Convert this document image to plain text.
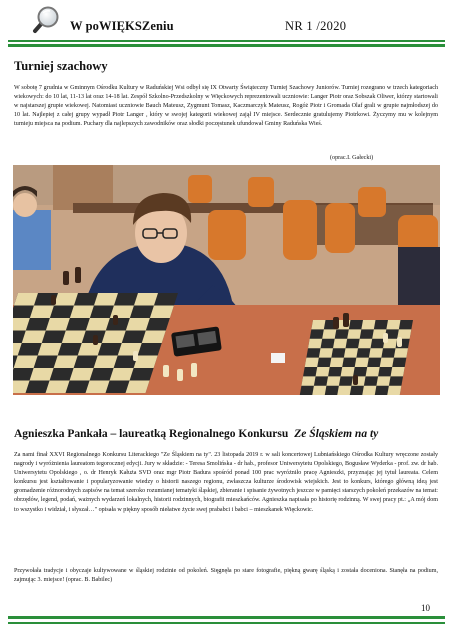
W poWIĘKSZeniu	NR 1 /2020
Turniej szachowy
W sobotę 7 grudnia w Gminnym Ośrodku Kultury w Raduńskiej Wsi odbył się IX Otwarty Świąteczny Turniej Szachowy Juniorów. Turniej rozegrano w trzech kategoriach wiekowych: do 10 lat, 11-13 lat oraz 14-18 lat. Zespół Szkolno-Przedszkolny w Więckowych reprezentowali uczniowie: Langer Piotr oraz Sobszak Oliwer, którzy startowali w najstarszej grupie wiekowej. Natomiast uczniowie Bauch Mateusz, Zygmunt Tomasz, Kaczmarczyk Mateusz, Rogóż Piotr i Gromada Olaf grali w grupie najmłodszej do 10 lat. Najlepiej z całej grupy wypadł Piotr Langer , który w swojej kategorii wiekowej zajął IV miejsce. Serdecznie gratulujemy Piotrkowi. Życzymy mu w kolejnym turnieju miejsca na podium. Puchary dla najlepszych zawodników oraz słodki poczęstunek ufundował Gminy Raduńska Wieś.
(oprac.I. Gałecki)
Agnieszka Pankała – laureatką Regionalnego Konkursu Ze Śląskiem na ty
Za nami finał XXVI Regionalnego Konkursu Literackiego "Ze Śląskiem na ty". 23 listopada 2019 r. w sali koncertowej Lubniańskiego Ośrodka Kultury wręczone zostały nagrody i wyróżnienia laureatom tegorocznej edycji. Jury w składzie: - Teresa Smolińska - dr hab., profesor Uniwersytetu Opolskiego, Bogusław Wyderka - prof. zw. dr hab. Uniwersytetu Opolskiego , o. dr Henryk Kałuża SVD oraz mgr Piotr Badura spośród ponad 100 prac wyróżniło pracę Agnieszki, przyznając jej tytuł laureata. Celem konkursu jest kształtowanie i popularyzowanie wiedzy o historii naszego regionu, zwłaszcza kulturze środowisk wiejskich. Jest to konkurs, którego główną ideą jest gromadzenie różnorodnych zapisów na temat szeroko rozumianej tematyki śląskiej, zbieranie i spisanie żywotnych jeszcze w pamięci starszych pokoleń przekazów na temat: obrzędów, legend, podań, ważnych wydarzeń lokalnych, historii rodzinnych, biografii mieszkańców. Agnieszka napisała po historię rodzinną. W swej pracy pt.: „A mój dom to wszystko i widział, i słyszał…" opisała w piękny sposób niełatwe życie swej prababci i babci – mieszkanek Więckowic.
Przywołała tradycje i obyczaje kultywowane w śląskiej rodzinie od pokoleń. Sięgnęła po stare fotografie, piękną gwarę śląską i została doceniona. Stanęła na podium, zajmując 3. miejsce! (oprac. B. Babilec)
10
